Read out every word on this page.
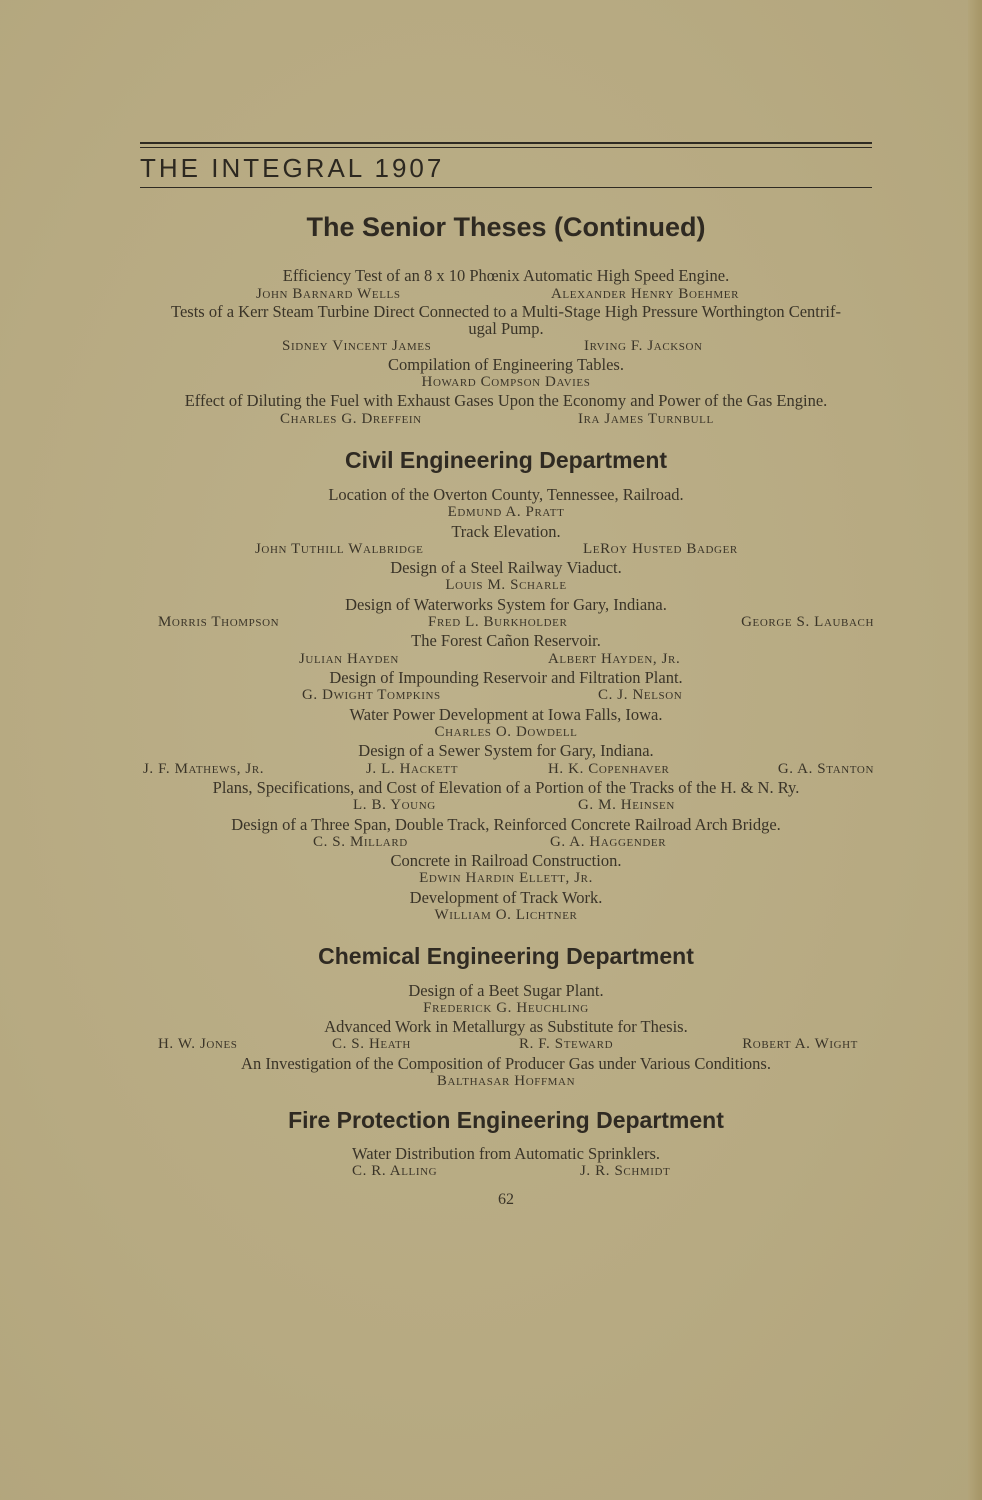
THE INTEGRAL 1907
The Senior Theses (Continued)
Efficiency Test of an 8 x 10 Phœnix Automatic High Speed Engine.
John Barnard Wells	Alexander Henry Boehmer
Tests of a Kerr Steam Turbine Direct Connected to a Multi-Stage High Pressure Worthington Centrif-
ugal Pump.
Sidney Vincent James	Irving F. Jackson
Compilation of Engineering Tables.
Howard Compson Davies
Effect of Diluting the Fuel with Exhaust Gases Upon the Economy and Power of the Gas Engine.
Charles G. Dreffein	Ira James Turnbull
Civil Engineering Department
Location of the Overton County, Tennessee, Railroad.
Edmund A. Pratt
Track Elevation.
John Tuthill Walbridge	LeRoy Husted Badger
Design of a Steel Railway Viaduct.
Louis M. Scharle
Design of Waterworks System for Gary, Indiana.
Morris Thompson	Fred L. Burkholder	George S. Laubach
The Forest Cañon Reservoir.
Julian Hayden	Albert Hayden, Jr.
Design of Impounding Reservoir and Filtration Plant.
G. Dwight Tompkins	C. J. Nelson
Water Power Development at Iowa Falls, Iowa.
Charles O. Dowdell
Design of a Sewer System for Gary, Indiana.
J. F. Mathews, Jr.	J. L. Hackett	H. K. Copenhaver	G. A. Stanton
Plans, Specifications, and Cost of Elevation of a Portion of the Tracks of the H. & N. Ry.
L. B. Young	G. M. Heinsen
Design of a Three Span, Double Track, Reinforced Concrete Railroad Arch Bridge.
C. S. Millard	G. A. Haggender
Concrete in Railroad Construction.
Edwin Hardin Ellett, Jr.
Development of Track Work.
William O. Lichtner
Chemical Engineering Department
Design of a Beet Sugar Plant.
Frederick G. Heuchling
Advanced Work in Metallurgy as Substitute for Thesis.
H. W. Jones	C. S. Heath	R. F. Steward	Robert A. Wight
An Investigation of the Composition of Producer Gas under Various Conditions.
Balthasar Hoffman
Fire Protection Engineering Department
Water Distribution from Automatic Sprinklers.
C. R. Alling	J. R. Schmidt
62
